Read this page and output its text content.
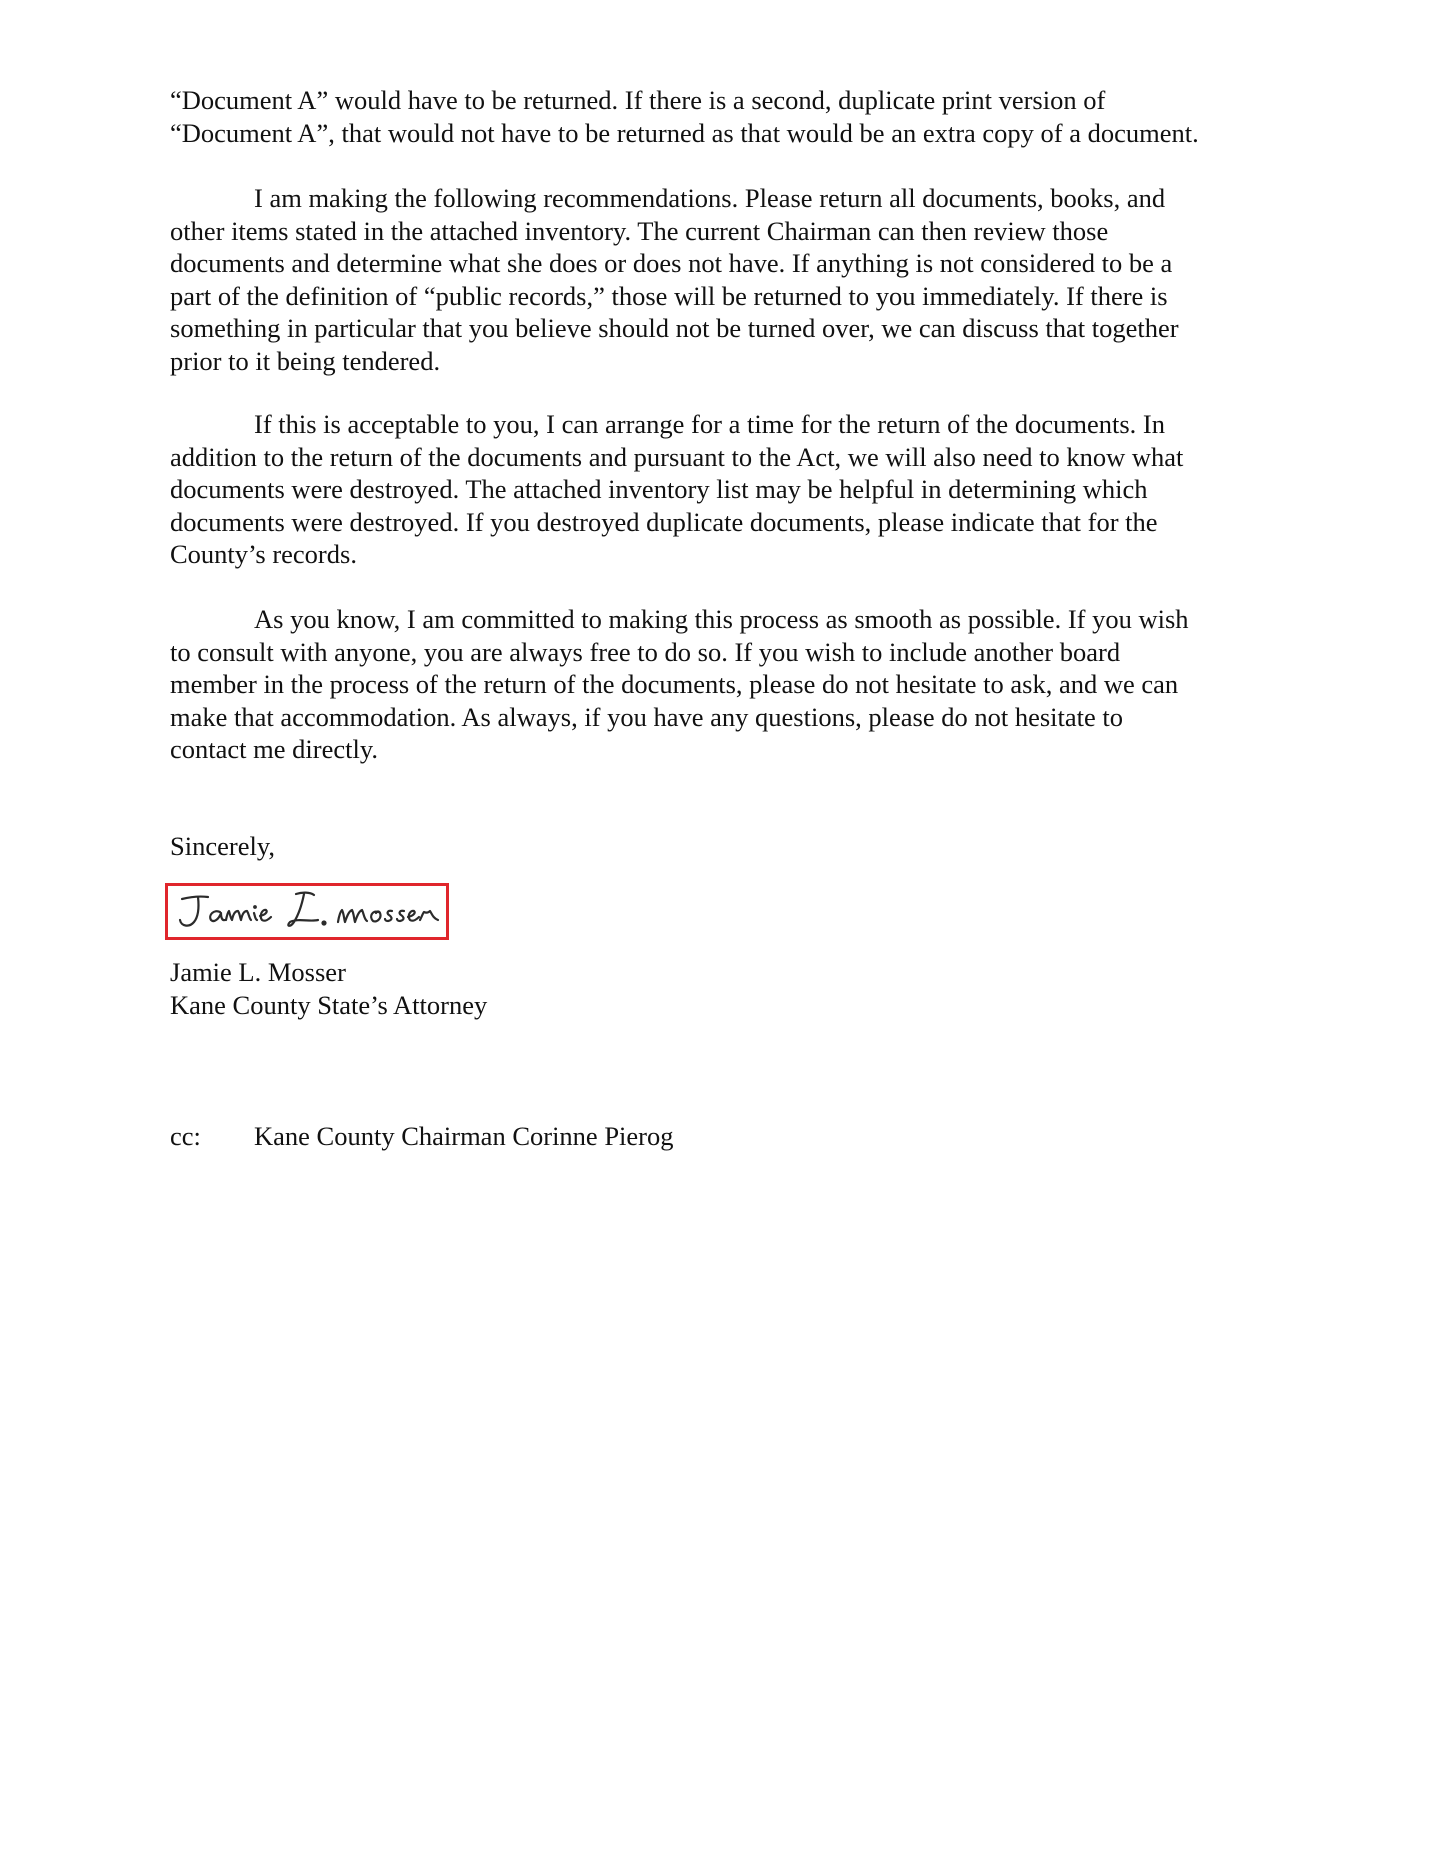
“Document A” would have to be returned. If there is a second, duplicate print version of
“Document A”, that would not have to be returned as that would be an extra copy of a document.

I am making the following recommendations. Please return all documents, books, and
other items stated in the attached inventory. The current Chairman can then review those
documents and determine what she does or does not have. If anything is not considered to be a
part of the definition of “public records,” those will be returned to you immediately. If there is
something in particular that you believe should not be turned over, we can discuss that together
prior to it being tendered.

If this is acceptable to you, I can arrange for a time for the return of the documents. In
addition to the return of the documents and pursuant to the Act, we will also need to know what
documents were destroyed. The attached inventory list may be helpful in determining which
documents were destroyed. If you destroyed duplicate documents, please indicate that for the
County’s records.

As you know, I am committed to making this process as smooth as possible. If you wish
to consult with anyone, you are always free to do so. If you wish to include another board
member in the process of the return of the documents, please do not hesitate to ask, and we can
make that accommodation. As always, if you have any questions, please do not hesitate to
contact me directly.

Sincerely,
Jamie L. Mosser
Kane County State’s Attorney
cc: Kane County Chairman Corinne Pierog
